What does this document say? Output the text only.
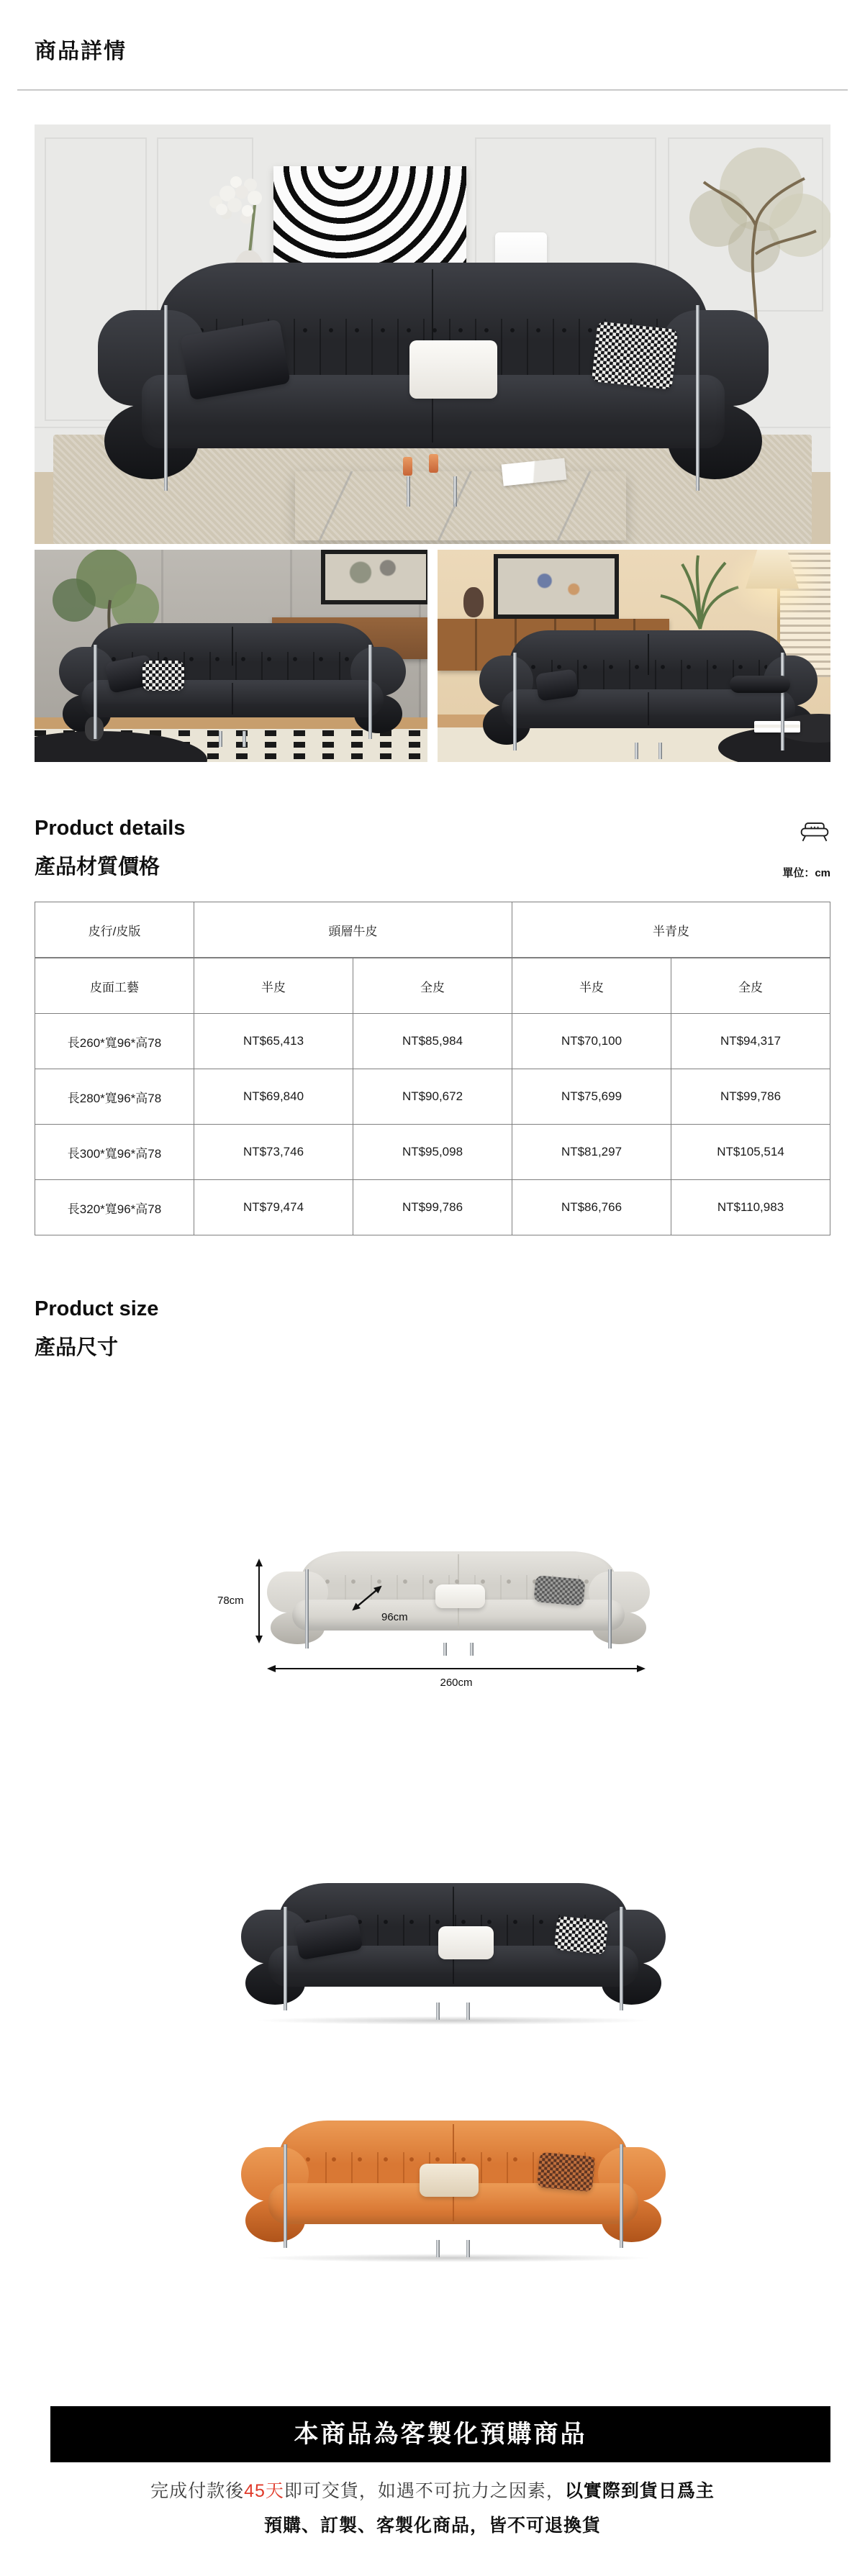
商品詳情
Product details
產品材質價格	單位：cm
皮行/皮版	頭層牛皮		半青皮	
皮面工藝	半皮	全皮	半皮	全皮
長260*寬96*高78	NT$65,413	NT$85,984	NT$70,100	NT$94,317
長280*寬96*高78	NT$69,840	NT$90,672	NT$75,699	NT$99,786
長300*寬96*高78	NT$73,746	NT$95,098	NT$81,297	NT$105,514
長320*寬96*高78	NT$79,474	NT$99,786	NT$86,766	NT$110,983
Product size
產品尺寸
78cm
96cm
260cm
本商品為客製化預購商品
完成付款後45天即可交貨，如遇不可抗力之因素，以實際到貨日爲主
預購、訂製、客製化商品，皆不可退換貨
